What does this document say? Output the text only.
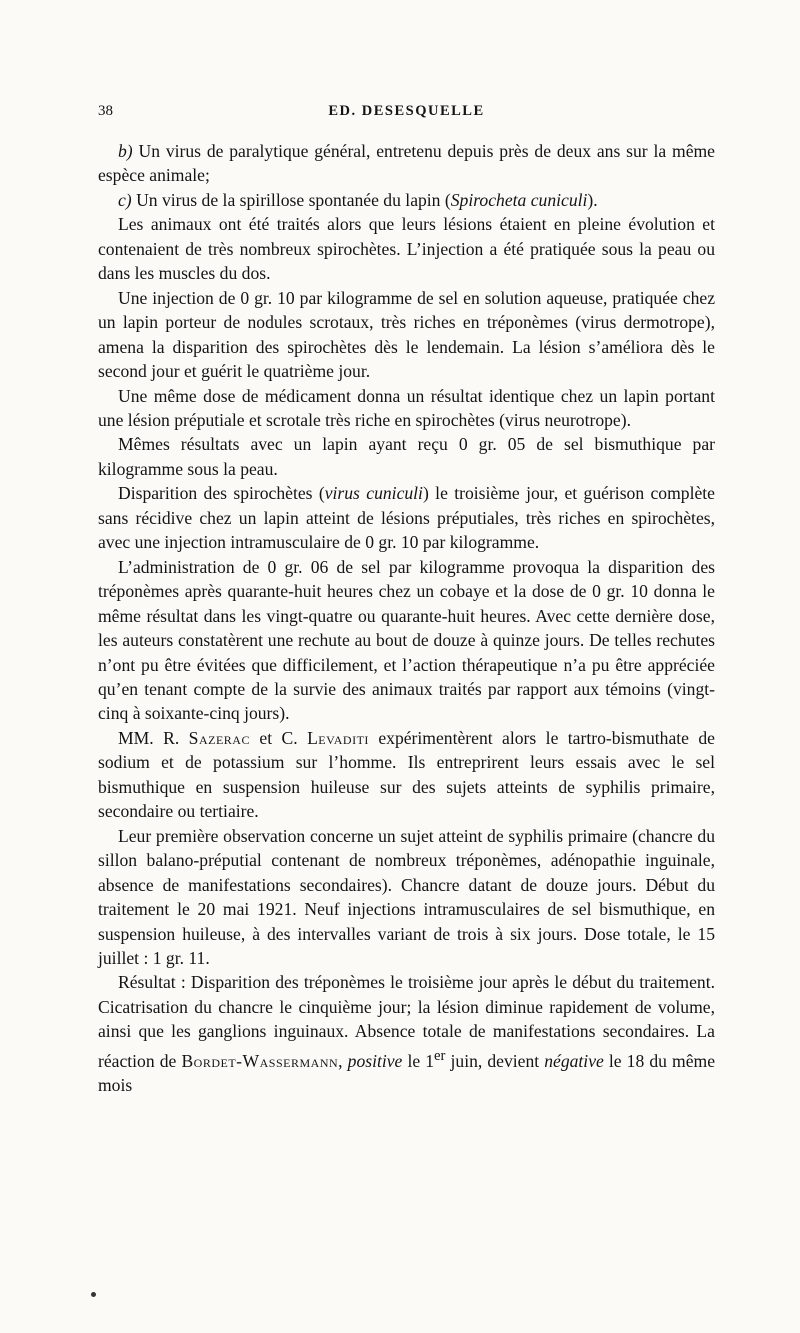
38	ED. DESESQUELLE

b) Un virus de paralytique général, entretenu depuis près de deux ans sur la même espèce animale;

c) Un virus de la spirillose spontanée du lapin (Spirocheta cuniculi).

Les animaux ont été traités alors que leurs lésions étaient en pleine évolution et contenaient de très nombreux spirochètes. L’injection a été pratiquée sous la peau ou dans les muscles du dos.

Une injection de 0 gr. 10 par kilogramme de sel en solution aqueuse, pratiquée chez un lapin porteur de nodules scrotaux, très riches en tréponèmes (virus dermotrope), amena la disparition des spirochètes dès le lendemain. La lésion s’améliora dès le second jour et guérit le quatrième jour.

Une même dose de médicament donna un résultat identique chez un lapin portant une lésion préputiale et scrotale très riche en spirochètes (virus neurotrope).

Mêmes résultats avec un lapin ayant reçu 0 gr. 05 de sel bismuthique par kilogramme sous la peau.

Disparition des spirochètes (virus cuniculi) le troisième jour, et guérison complète sans récidive chez un lapin atteint de lésions préputiales, très riches en spirochètes, avec une injection intramusculaire de 0 gr. 10 par kilogramme.

L’administration de 0 gr. 06 de sel par kilogramme provoqua la disparition des tréponèmes après quarante-huit heures chez un cobaye et la dose de 0 gr. 10 donna le même résultat dans les vingt-quatre ou quarante-huit heures. Avec cette dernière dose, les auteurs constatèrent une rechute au bout de douze à quinze jours. De telles rechutes n’ont pu être évitées que difficilement, et l’action thérapeutique n’a pu être appréciée qu’en tenant compte de la survie des animaux traités par rapport aux témoins (vingt-cinq à soixante-cinq jours).

MM. R. Sazerac et C. Levaditi expérimentèrent alors le tartro-bismuthate de sodium et de potassium sur l’homme. Ils entreprirent leurs essais avec le sel bismuthique en suspension huileuse sur des sujets atteints de syphilis primaire, secondaire ou tertiaire.

Leur première observation concerne un sujet atteint de syphilis primaire (chancre du sillon balano-préputial contenant de nombreux tréponèmes, adénopathie inguinale, absence de manifestations secondaires). Chancre datant de douze jours. Début du traitement le 20 mai 1921. Neuf injections intramusculaires de sel bismuthique, en suspension huileuse, à des intervalles variant de trois à six jours. Dose totale, le 15 juillet : 1 gr. 11.

Résultat : Disparition des tréponèmes le troisième jour après le début du traitement. Cicatrisation du chancre le cinquième jour; la lésion diminue rapidement de volume, ainsi que les ganglions inguinaux. Absence totale de manifestations secondaires. La réaction de Bordet-Wassermann, positive le 1er juin, devient négative le 18 du même mois
